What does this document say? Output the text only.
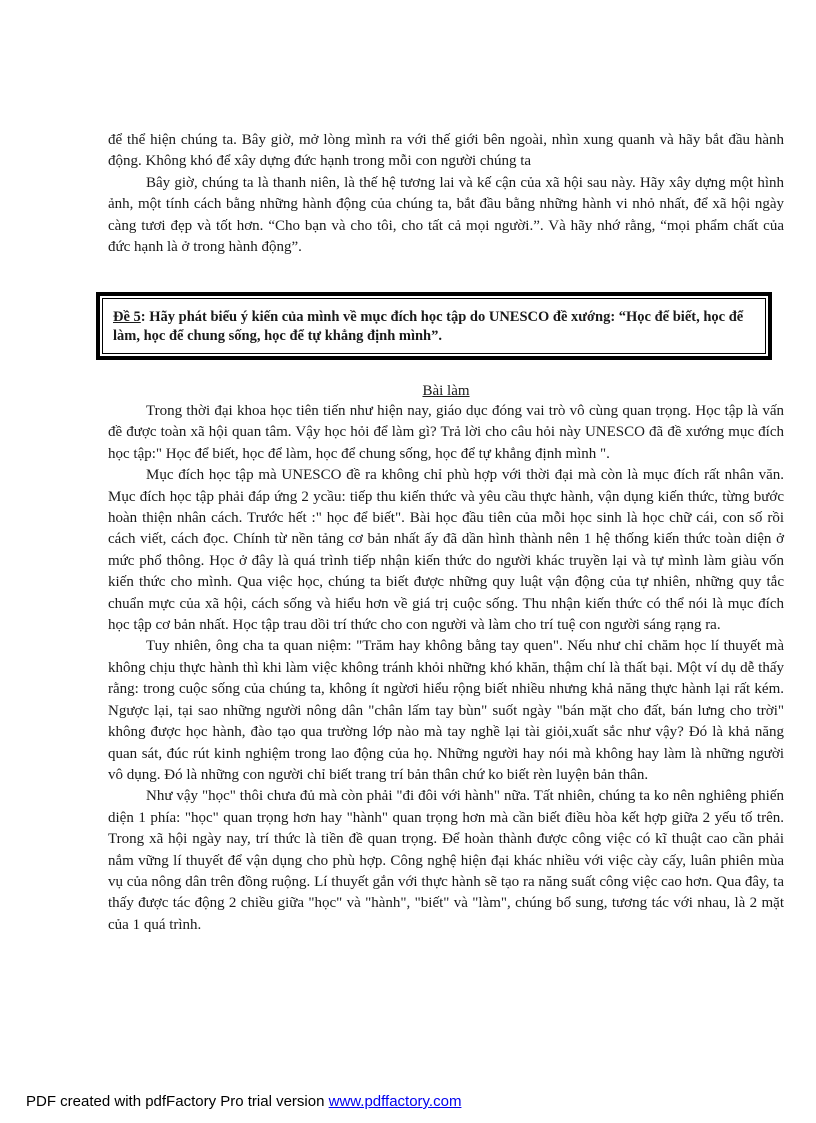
để thể hiện chúng ta. Bây giờ, mở lòng mình ra với thế giới bên ngoài, nhìn xung quanh và hãy bắt đầu hành động. Không khó để xây dựng đức hạnh trong mỗi con người chúng ta

Bây giờ, chúng ta là thanh niên, là thế hệ tương lai và kế cận của xã hội sau này. Hãy xây dựng một hình ảnh, một tính cách bằng những hành động của chúng ta, bắt đầu bằng những hành vi nhỏ nhất, để xã hội ngày càng tươi đẹp và tốt hơn. “Cho bạn và cho tôi, cho tất cả mọi người.”. Và hãy nhớ rằng, “mọi phẩm chất của đức hạnh là ở trong hành động”.

Đề 5: Hãy phát biểu ý kiến của mình về mục đích học tập do UNESCO đề xướng: “Học để biết, học để làm, học để chung sống, học để tự khẳng định mình”.
Bài làm

Trong thời đại khoa học tiên tiến như hiện nay, giáo dục đóng vai trò vô cùng quan trọng. Học tập là vấn đề được toàn xã hội quan tâm. Vậy học hỏi để làm gì? Trả lời cho câu hỏi này UNESCO đã đề xướng mục đích học tập:" Học để biết, học để làm, học để chung sống, học để tự khẳng định mình ".

Mục đích học tập mà UNESCO đề ra không chỉ phù hợp với thời đại mà còn là mục đích rất nhân văn. Mục đích học tập phải đáp ứng 2 ycầu: tiếp thu kiến thức và yêu cầu thực hành, vận dụng kiến thức, từng bước hoàn thiện nhân cách. Trước hết :" học để biết". Bài học đầu tiên của mỗi học sinh là học chữ cái, con số rồi cách viết, cách đọc. Chính từ nền tảng cơ bản nhất ấy đã dần hình thành nên 1 hệ thống kiến thức toàn diện ở mức phổ thông. Học ở đây là quá trình tiếp nhận kiến thức do người khác truyền lại và tự mình làm giàu vốn kiến thức cho mình. Qua việc học, chúng ta biết được những quy luật vận động của tự nhiên, những quy tắc chuẩn mực của xã hội, cách sống và hiểu hơn về giá trị cuộc sống. Thu nhận kiến thức có thể nói là mục đích học tập cơ bản nhất. Học tập trau dồi trí thức cho con người và làm cho trí tuệ con người sáng rạng ra.

Tuy nhiên, ông cha ta quan niệm: "Trăm hay không bằng tay quen". Nếu như chỉ chăm học lí thuyết mà không chịu thực hành thì khi làm việc không tránh khỏi những khó khăn, thậm chí là thất bại. Một ví dụ dễ thấy rằng: trong cuộc sống của chúng ta, không ít ngừơi hiểu rộng biết nhiều nhưng khả năng thực hành lại rất kém. Ngược lại, tại sao những người nông dân "chân lấm tay bùn" suốt ngày "bán mặt cho đất, bán lưng cho trời" không được học hành, đào tạo qua trường lớp nào mà tay nghề lại tài giỏi,xuất sắc như vậy? Đó là khả năng quan sát, đúc rút kinh nghiệm trong lao động của họ. Những người hay nói mà không hay làm là những người vô dụng. Đó là những con người chỉ biết trang trí bản thân chứ ko biết rèn luyện bản thân.

Như vậy "học" thôi chưa đủ mà còn phải "đi đôi với hành" nữa. Tất nhiên, chúng ta ko nên nghiêng phiến diện 1 phía: "học" quan trọng hơn hay "hành" quan trọng hơn mà cần biết điều hòa kết hợp giữa 2 yếu tố trên. Trong xã hội ngày nay, trí thức là tiền đề quan trọng. Để hoàn thành được công việc có kĩ thuật cao cần phải nắm vững lí thuyết để vận dụng cho phù hợp. Công nghệ hiện đại khác nhiều với việc cày cấy, luân phiên mùa vụ của nông dân trên đồng ruộng. Lí thuyết gắn với thực hành sẽ tạo ra năng suất công việc cao hơn. Qua đây, ta thấy được tác động 2 chiều giữa "học" và "hành", "biết" và "làm", chúng bổ sung, tương tác với nhau, là 2 mặt của 1 quá trình.

PDF created with pdfFactory Pro trial version www.pdffactory.com
